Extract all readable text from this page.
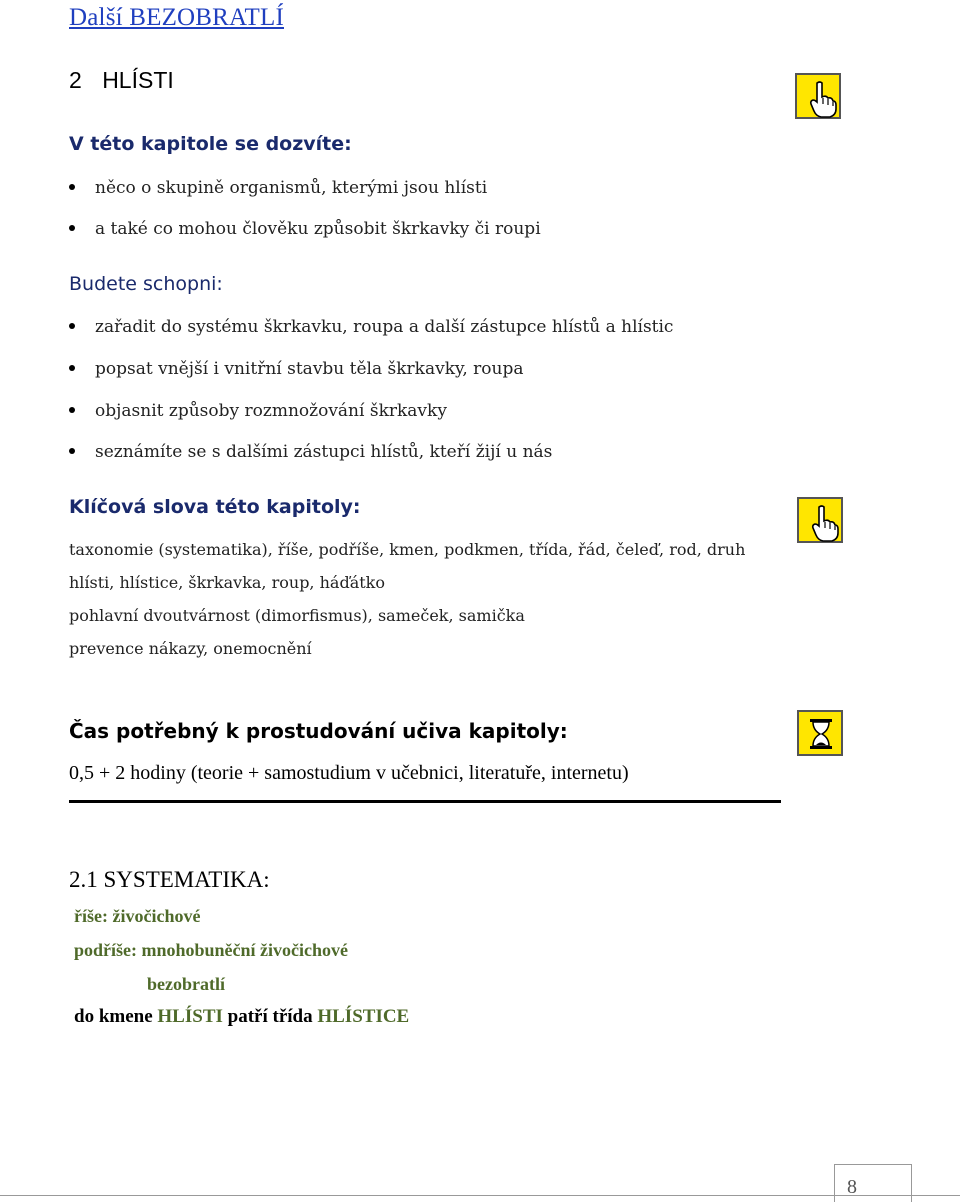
Další BEZOBRATLÍ
2 HLÍSTI
V této kapitole se dozvíte:
něco o skupině organismů, kterými jsou hlísti
a také co mohou člověku způsobit škrkavky či roupi
Budete schopni:
zařadit do systému škrkavku, roupa a další zástupce hlístů a hlístic
popsat vnější i vnitřní stavbu těla škrkavky, roupa
objasnit způsoby rozmnožování škrkavky
seznámíte se s dalšími zástupci hlístů, kteří žijí u nás
Klíčová slova této kapitoly:
taxonomie (systematika), říše, podříše, kmen, podkmen, třída, řád, čeleď, rod, druh
hlísti, hlístice, škrkavka, roup, háďátko
pohlavní dvoutvárnost (dimorfismus), sameček, samička
prevence nákazy, onemocnění
Čas potřebný k prostudování učiva kapitoly:
0,5 + 2 hodiny (teorie + samostudium v učebnici, literatuře, internetu)
2.1 SYSTEMATIKA:
říše: živočichové
podříše: mnohobuněční živočichové
bezobratlí
do kmene HLÍSTI patří třída HLÍSTICE
8
